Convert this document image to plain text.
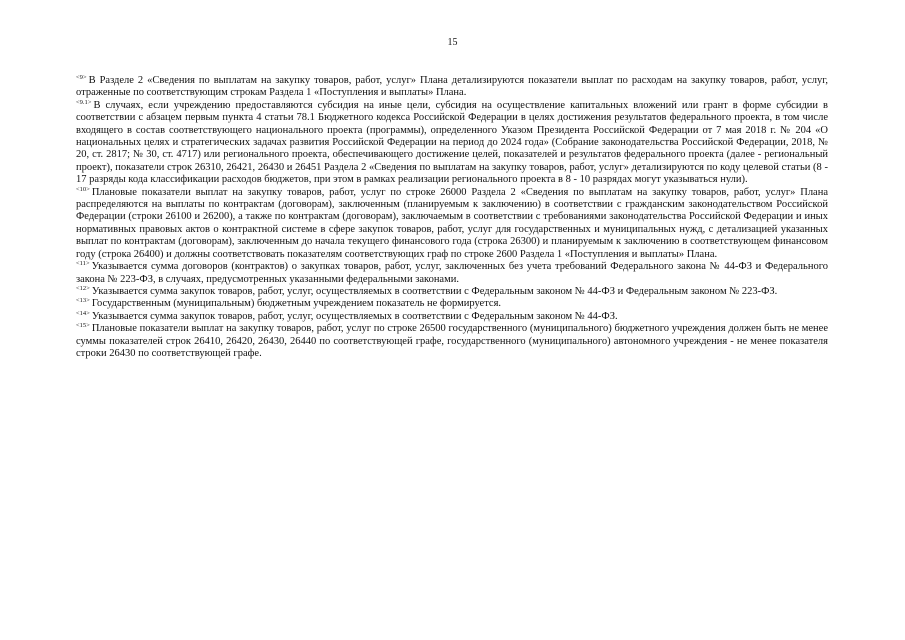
15

$^{<9>}$ В Разделе 2 «Сведения по выплатам на закупку товаров, работ, услуг» Плана детализируются показатели выплат по расходам на закупку товаров, работ, услуг, отраженные по соответствующим строкам Раздела 1 «Поступления и выплаты» Плана.

$^{<9.1>}$ В случаях, если учреждению предоставляются субсидия на иные цели, субсидия на осуществление капитальных вложений или грант в форме субсидии в соответствии с абзацем первым пункта 4 статьи 78.1 Бюджетного кодекса Российской Федерации в целях достижения результатов федерального проекта, в том числе входящего в состав соответствующего национального проекта (программы), определенного Указом Президента Российской Федерации от 7 мая 2018 г. № 204 «О национальных целях и стратегических задачах развития Российской Федерации на период до 2024 года» (Собрание законодательства Российской Федерации, 2018, № 20, ст. 2817; № 30, ст. 4717) или регионального проекта, обеспечивающего достижение целей, показателей и результатов федерального проекта (далее - региональный проект), показатели строк 26310, 26421, 26430 и 26451 Раздела 2 «Сведения по выплатам на закупку товаров, работ, услуг» детализируются по коду целевой статьи (8 - 17 разряды кода классификации расходов бюджетов, при этом в рамках реализации регионального проекта в 8 - 10 разрядах могут указываться нули).

$^{<10>}$ Плановые показатели выплат на закупку товаров, работ, услуг по строке 26000 Раздела 2 «Сведения по выплатам на закупку товаров, работ, услуг» Плана распределяются на выплаты по контрактам (договорам), заключенным (планируемым к заключению) в соответствии с гражданским законодательством Российской Федерации (строки 26100 и 26200), а также по контрактам (договорам), заключаемым в соответствии с требованиями законодательства Российской Федерации и иных нормативных правовых актов о контрактной системе в сфере закупок товаров, работ, услуг для государственных и муниципальных нужд, с детализацией указанных выплат по контрактам (договорам), заключенным до начала текущего финансового года (строка 26300) и планируемым к заключению в соответствующем финансовом году (строка 26400) и должны соответствовать показателям соответствующих граф по строке 2600 Раздела 1 «Поступления и выплаты» Плана.

$^{<11>}$ Указывается сумма договоров (контрактов) о закупках товаров, работ, услуг, заключенных без учета требований Федерального закона № 44-ФЗ и Федерального закона № 223-ФЗ, в случаях, предусмотренных указанными федеральными законами.

$^{<12>}$ Указывается сумма закупок товаров, работ, услуг, осуществляемых в соответствии с Федеральным законом № 44-ФЗ и Федеральным законом № 223-ФЗ.

$^{<13>}$ Государственным (муниципальным) бюджетным учреждением показатель не формируется.

$^{<14>}$ Указывается сумма закупок товаров, работ, услуг, осуществляемых в соответствии с Федеральным законом № 44-ФЗ.

$^{<15>}$ Плановые показатели выплат на закупку товаров, работ, услуг по строке 26500 государственного (муниципального) бюджетного учреждения должен быть не менее суммы показателей строк 26410, 26420, 26430, 26440 по соответствующей графе, государственного (муниципального) автономного учреждения - не менее показателя строки 26430 по соответствующей графе.
